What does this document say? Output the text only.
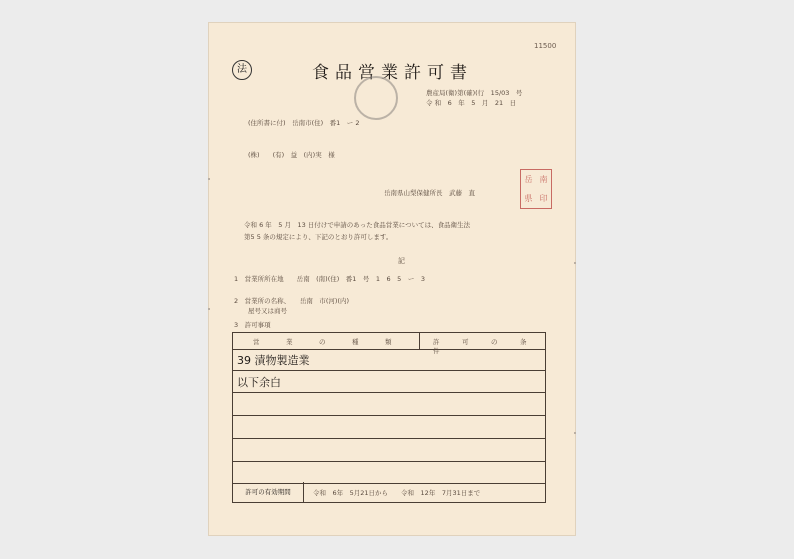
11500
法	食品営業許可書
農産局(衛)第(確)(行　15/03　号
令 和　6　年　5　月　21　日
(住所書に付)　岳南市(住)　番1　ー 2
(株)　　(有)　益　(内)実　様
岳南県山梨保健所長　武藤　直
岳 南
県 印
令和 6 年　5 月　13 日付けで申請のあった食品営業については、食品衛生法
第5 5 条の規定により、下記のとおり許可します。
記
1　営業所所在地　　岳南　(南)(住)　番1　号　1　6　5　ー　3
2　営業所の名称、　　岳南　市(河)(内)
屋号又は商号
3　許可事項
営　業　の　種　類	許　可　の　条　件
39 漬物製造業
以下余白
許可の有効期間	令和　6年　5月21日から　　令和　12年　7月31日まで
